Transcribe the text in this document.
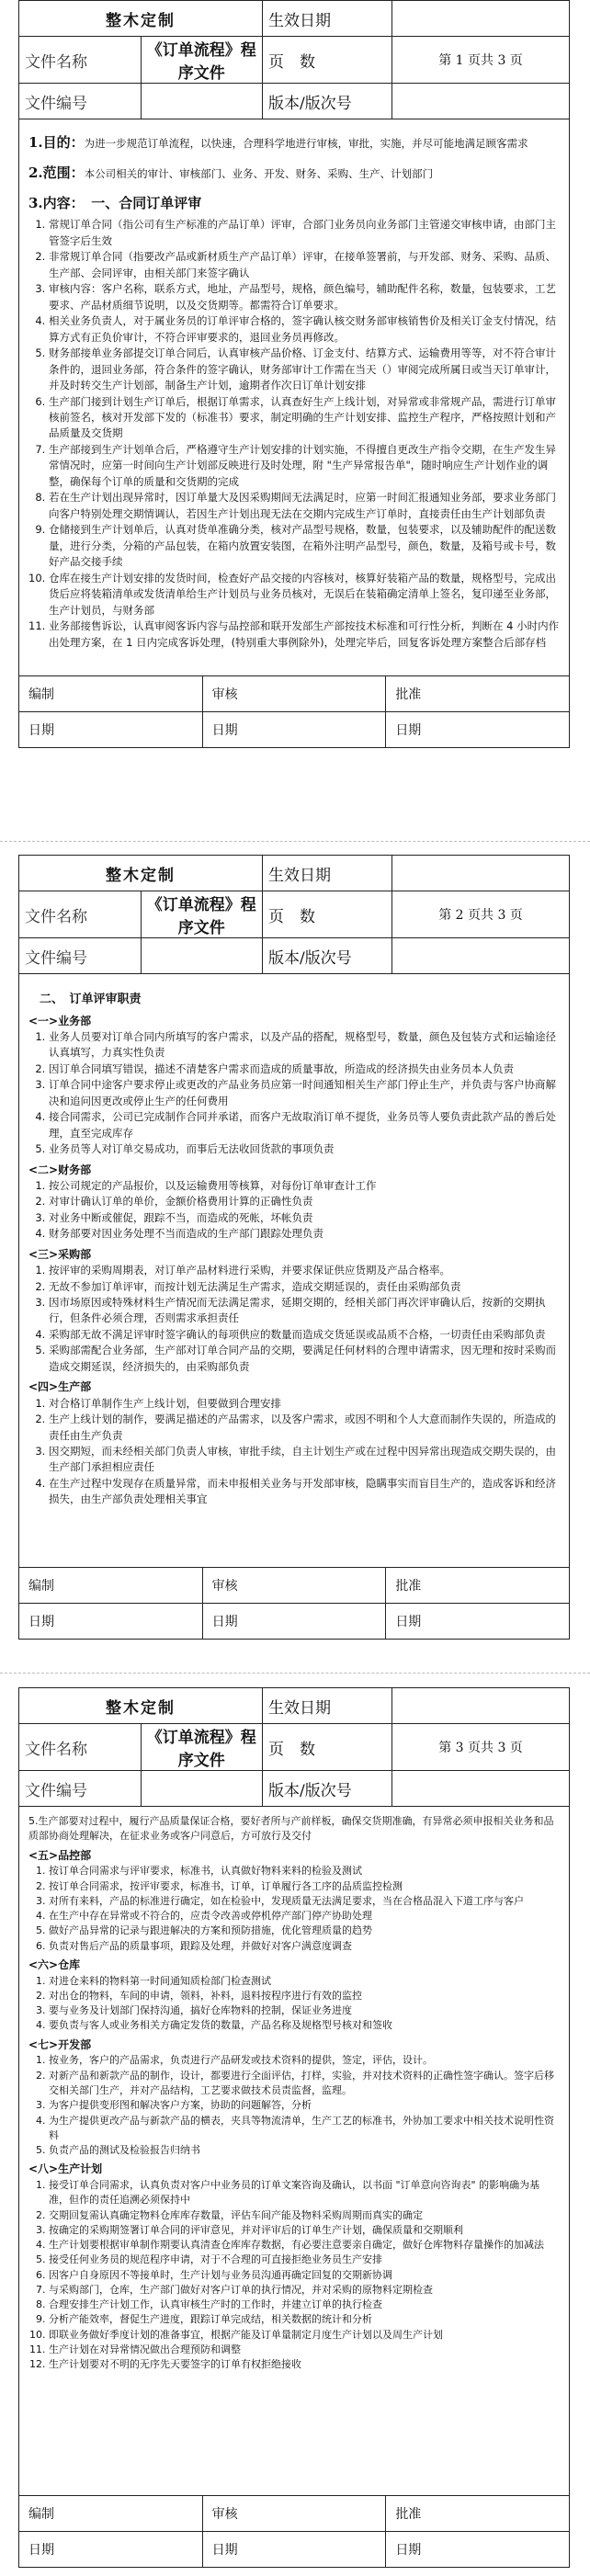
整木定制		生效日期	
文件名称	《订单流程》程序文件	页　数	第 1 页共 3 页
文件编号		版本/版次号	
1.目的：为进一步规范订单流程，以快速，合理科学地进行审核，审批，实施，并尽可能地满足顾客需求
2.范围：本公司相关的审计、审核部门、业务、开发、财务、采购、生产、计划部门
3.内容：　 一、合同订单评审
1. 常规订单合同（指公司有生产标准的产品订单）评审，合部门业务员向业务部门主管递交审核申请，由部门主管签字后生效
2. 非常规订单合同（指要改产品或新材质生产产品订单）评审，在接单签署前，与开发部、财务、采购、品质、生产部、会同评审，由相关部门来签字确认
3. 审核内容：客户名称，联系方式，地址，产品型号，规格，颜色编号，辅助配件名称，数量，包装要求，工艺要求、产品材质细节说明，以及交货期等。都需符合订单要求。
4. 相关业务负责人，对于属业务员的订单评审合格的，签字确认核交财务部审核销售价及相关订金支付情况，结算方式有正负价审计，不符合评审要求的，退回业务员再修改。
5. 财务部接单业务部提交订单合同后，认真审核产品价格、订金支付、结算方式、运输费用等等，对不符合审计条件的，退回业务部，符合条件的签字确认，财务部审计工作需在当天（）审阅完成所属日或当天订单审计，并及时转交生产计划部，制备生产计划，逾期者作次日订单计划安排
6. 生产部门接到计划生产订单后，根据订单需求，认真查好生产上线计划，对异常或非常规产品，需进行订单审核前签名，核对开发部下发的（标准书）要求，制定明确的生产计划安排、监控生产程序，严格按照计划和产品质量及交货期
7. 生产部接到生产计划单合后，严格遵守生产计划安排的计划实施，不得擅自更改生产指令交期，在生产发生异常情况时，应第一时间向生产计划部反映进行及时处理，附 "生产异常报告单"，随时响应生产计划作业的调整，确保每个订单的质量和交货期的完成
8. 若在生产计划出现异常时，因订单量大及因采购期间无法满足时，应第一时间汇报通知业务部，要求业务部门向客户特别处理交期情调认，若因生产计划出现无法在交期内完成生产订单时，直接责任由生产计划部负责
9. 仓储接到生产计划单后，认真对货单准确分类，核对产品型号规格，数量，包装要求，以及辅助配件的配送数量，进行分类，分箱的产品包装，在箱内放置安装图，在箱外注明产品型号，颜色，数量，及箱号或卡号，数好产品交接手续
10. 仓库在接生产计划安排的发货时间，检查好产品交接的内容核对，核算好装箱产品的数量，规格型号，完成出货后应将装箱清单或发货清单给生产计划员与业务员核对，无误后在装箱确定清单上签名，复印递至业务部，生产计划员，与财务部
11. 业务部接售诉讼，认真审阅客诉内容与品控部和联开发部生产部按技术标准和可行性分析，判断在 4 小时内作出处理方案，在 1 日内完成客诉处理，(特别重大事例除外)，处理完毕后，回复客诉处理方案整合后部存档
编制	审核	批准
日期	日期	日期
整木定制		生效日期	
文件名称	《订单流程》程序文件	页　数	第 2 页共 3 页
文件编号		版本/版次号	
二、　订单评审职责
<一>业务部
1. 业务人员要对订单合同内所填写的客户需求，以及产品的搭配，规格型号，数量，颜色及包装方式和运输途径认真填写，力真实性负责
2. 因订单合同填写错误，描述不清楚客户需求而造成的质量事故，所造成的经济损失由业务员本人负责
3. 订单合同中途客户要求停止或更改的产品业务员应第一时间通知相关生产部门停止生产，并负责与客户协商解决和追问因更改或停止生产的任何费用
4. 接合同需求，公司已完成制作合同并承诺，而客户无故取消订单不提货，业务员等人要负责此款产品的善后处理，直至完成库存
5. 业务员等人对订单交易成功，而事后无法收回货款的事项负责
<二>财务部
1. 按公司规定的产品报价，以及运输费用等核算，对每份订单审查计工作
2. 对审计确认订单的单价，金额价格费用计算的正确性负责
3. 对业务中断或催促，跟踪不当，而造成的死帐，坏帐负责
4. 财务部要对因业务处理不当而造成的生产部门跟踪处理负责
<三>采购部
1. 按评审的采购周期表，对订单产品材料进行采购，并要求保证供应货期及产品合格率。
2. 无故不参加订单评审，而按计划无法满足生产需求，造成交期延误的，责任由采购部负责
3. 因市场原因或特殊材料生产情况而无法满足需求，延期交期的，经相关部门再次评审确认后，按新的交期执行，但条件必须合理，否则需求承担责任
4. 采购部无故不满足评审时签字确认的每项供应的数量而造成交货延误或品质不合格，一切责任由采购部负责
5. 采购部需配合业务部，生产部对订单合同产品的交期，要满足任何材料的合理申请需求，因无理和按时采购而造成交期延误，经济损失的，由采购部负责
<四>生产部
1. 对合格订单制作生产上线计划，但要做到合理安排
2. 生产上线计划的制作，要满足描述的产品需求，以及客户需求，或因不明和个人大意而制作失误的，所造成的责任由生产负责
3. 因交期短，而未经相关部门负责人审核，审批手续，自主计划生产或在过程中因异常出现造成交期失误的，由生产部门承担相应责任
4. 在生产过程中发现存在质量异常，而未申报相关业务与开发部审核，隐瞒事实而盲目生产的，造成客诉和经济损失，由生产部负责处理相关事宜
编制	审核	批准
日期	日期	日期
整木定制		生效日期	
文件名称	《订单流程》程序文件	页　数	第 3 页共 3 页
文件编号		版本/版次号	

5.生产部要对过程中，履行产品质量保证合格，要好者所与产前样板，确保交货期准确，有异常必须申报相关业务和品质部协商处理解决，在征求业务或客户同意后，方可放行及交付

<五>品控部
1. 按订单合同需求与评审要求，标准书，认真做好物料来料的检验及测试
2. 按订单合同需求，按评审要求，标准书，订单，订单履行各工序的品质监控检测
3. 对所有来料，产品的标准进行确定，如在检验中，发现质量无法满足要求，当在合格品混入下道工序与客户
4. 在生产中存在异常或不符合的，应责令改善或停机停产部门停产协助处理
5. 做好产品异常的记录与跟进解决的方案和预防措施，优化管理质量的趋势
6. 负责对售后产品的质量事项，跟踪及处理，并做好对客户满意度调查
<六>仓库
1. 对进仓来料的物料第一时间通知质检部门检查测试
2. 对出仓的物料，车间的申请，领料，补料，退料按程序进行有效的监控
3. 要与业务及计划部门保持沟通，搞好仓库物料的控制，保证业务进度
4. 要负责与客人或业务相关方确定发货的数量，产品名称及规格型号核对和签收
<七>开发部
1. 按业务，客户的产品需求，负责进行产品研发或技术资料的提供，签定，评估，设计。
2. 对新产品和新款产品的制作，设计，都要进行全面评估，打样，实验，并对技术资料的正确性签字确认。签字后移交相关部门生产，并对产品结构，工艺要求做技术员责监督，监理。
3. 为客户提供变形图和解决客户方案，协助的问题解答，分析
4. 为生产提供更改产品与新款产品的横表，夹具等物流清单，生产工艺的标准书，外协加工要求中相关技术说明性资料
5. 负责产品的测试及检验报告归纳书
<八>生产计划
1. 接受订单合同需求，认真负责对客户中业务员的订单文案咨询及确认，以书面 "订单意向咨询表" 的影响确为基准，但作的责任追溯必须保持中
2. 交期回复需认真确定物料仓库库存数量，评估车间产能及物料采购周期而真实的确定
3. 按确定的采购期签署订单合同的评审意见，并对评审后的订单生产计划，确保质量和交期顺利
4. 生产计划要根据审单制作期要认真清查仓库库存数据，有必要注意要亲自确定，做好仓库物料存量操作的加减法
5. 接受任何业务员的规范程序申请，对于不合理的可直接拒绝业务员生产安排
6. 因客户自身原因不等接单时，生产计划与业务员沟通再确定回复的交期新协调
7. 与采购部门，仓库，生产部门做好对客户订单的执行情况，并对采购的原物料定期检查
8. 合理安排生产计划工作，认真审核生产时的工作时，并建立订单的执行检查
9. 分析产能效率，督促生产进度，跟踪订单完成结，相关数据的统计和分析
10. 即联业务做好季度计划的准备事宜，根据产能及订单量制定月度生产计划以及周生产计划
11. 生产计划在对异常情况做出合理预防和调整
12. 生产计划要对不明的无序先天要签字的订单有权拒绝接收
编制	审核	批准
日期	日期	日期
